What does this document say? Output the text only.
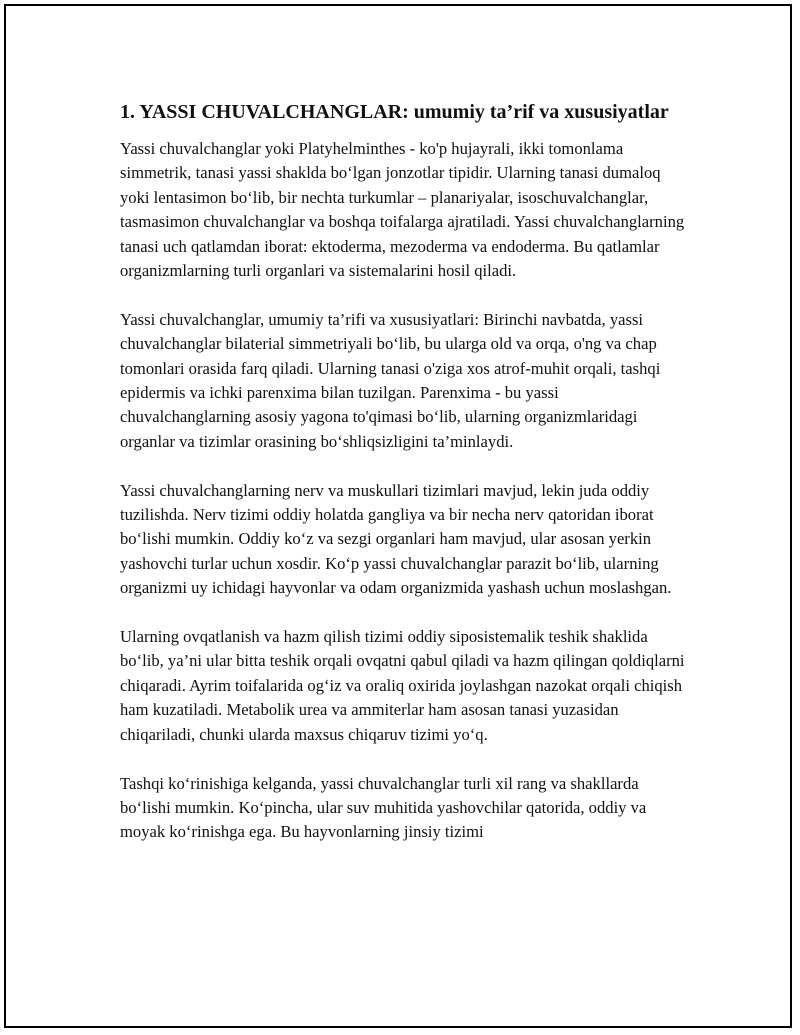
1. YASSI CHUVALCHANGLAR: umumiy ta’rif va xususiyatlar

Yassi chuvalchanglar yoki Platyhelminthes - ko'p hujayrali, ikki tomonlama simmetrik, tanasi yassi shaklda bo‘lgan jonzotlar tipidir. Ularning tanasi dumaloq yoki lentasimon bo‘lib, bir nechta turkumlar – planariyalar, isoschuvalchanglar, tasmasimon chuvalchanglar va boshqa toifalarga ajratiladi. Yassi chuvalchanglarning tanasi uch qatlamdan iborat: ektoderma, mezoderma va endoderma. Bu qatlamlar organizmlarning turli organlari va sistemalarini hosil qiladi.

Yassi chuvalchanglar, umumiy ta’rifi va xususiyatlari: Birinchi navbatda, yassi chuvalchanglar bilaterial simmetriyali bo‘lib, bu ularga old va orqa, o'ng va chap tomonlari orasida farq qiladi. Ularning tanasi o'ziga xos atrof-muhit orqali, tashqi epidermis va ichki parenxima bilan tuzilgan. Parenxima - bu yassi chuvalchanglarning asosiy yagona to'qimasi bo‘lib, ularning organizmlaridagi organlar va tizimlar orasining bo‘shliqsizligini ta’minlaydi.

Yassi chuvalchanglarning nerv va muskullari tizimlari mavjud, lekin juda oddiy tuzilishda. Nerv tizimi oddiy holatda gangliya va bir necha nerv qatoridan iborat bo‘lishi mumkin. Oddiy ko‘z va sezgi organlari ham mavjud, ular asosan yerkin yashovchi turlar uchun xosdir. Ko‘p yassi chuvalchanglar parazit bo‘lib, ularning organizmi uy ichidagi hayvonlar va odam organizmida yashash uchun moslashgan.

Ularning ovqatlanish va hazm qilish tizimi oddiy siposistemalik teshik shaklida bo‘lib, ya’ni ular bitta teshik orqali ovqatni qabul qiladi va hazm qilingan qoldiqlarni chiqaradi. Ayrim toifalarida og‘iz va oraliq oxirida joylashgan nazokat orqali chiqish ham kuzatiladi. Metabolik urea va ammiterlar ham asosan tanasi yuzasidan chiqariladi, chunki ularda maxsus chiqaruv tizimi yo‘q.

Tashqi ko‘rinishiga kelganda, yassi chuvalchanglar turli xil rang va shakllarda bo‘lishi mumkin. Ko‘pincha, ular suv muhitida yashovchilar qatorida, oddiy va moyak ko‘rinishga ega. Bu hayvonlarning jinsiy tizimi
